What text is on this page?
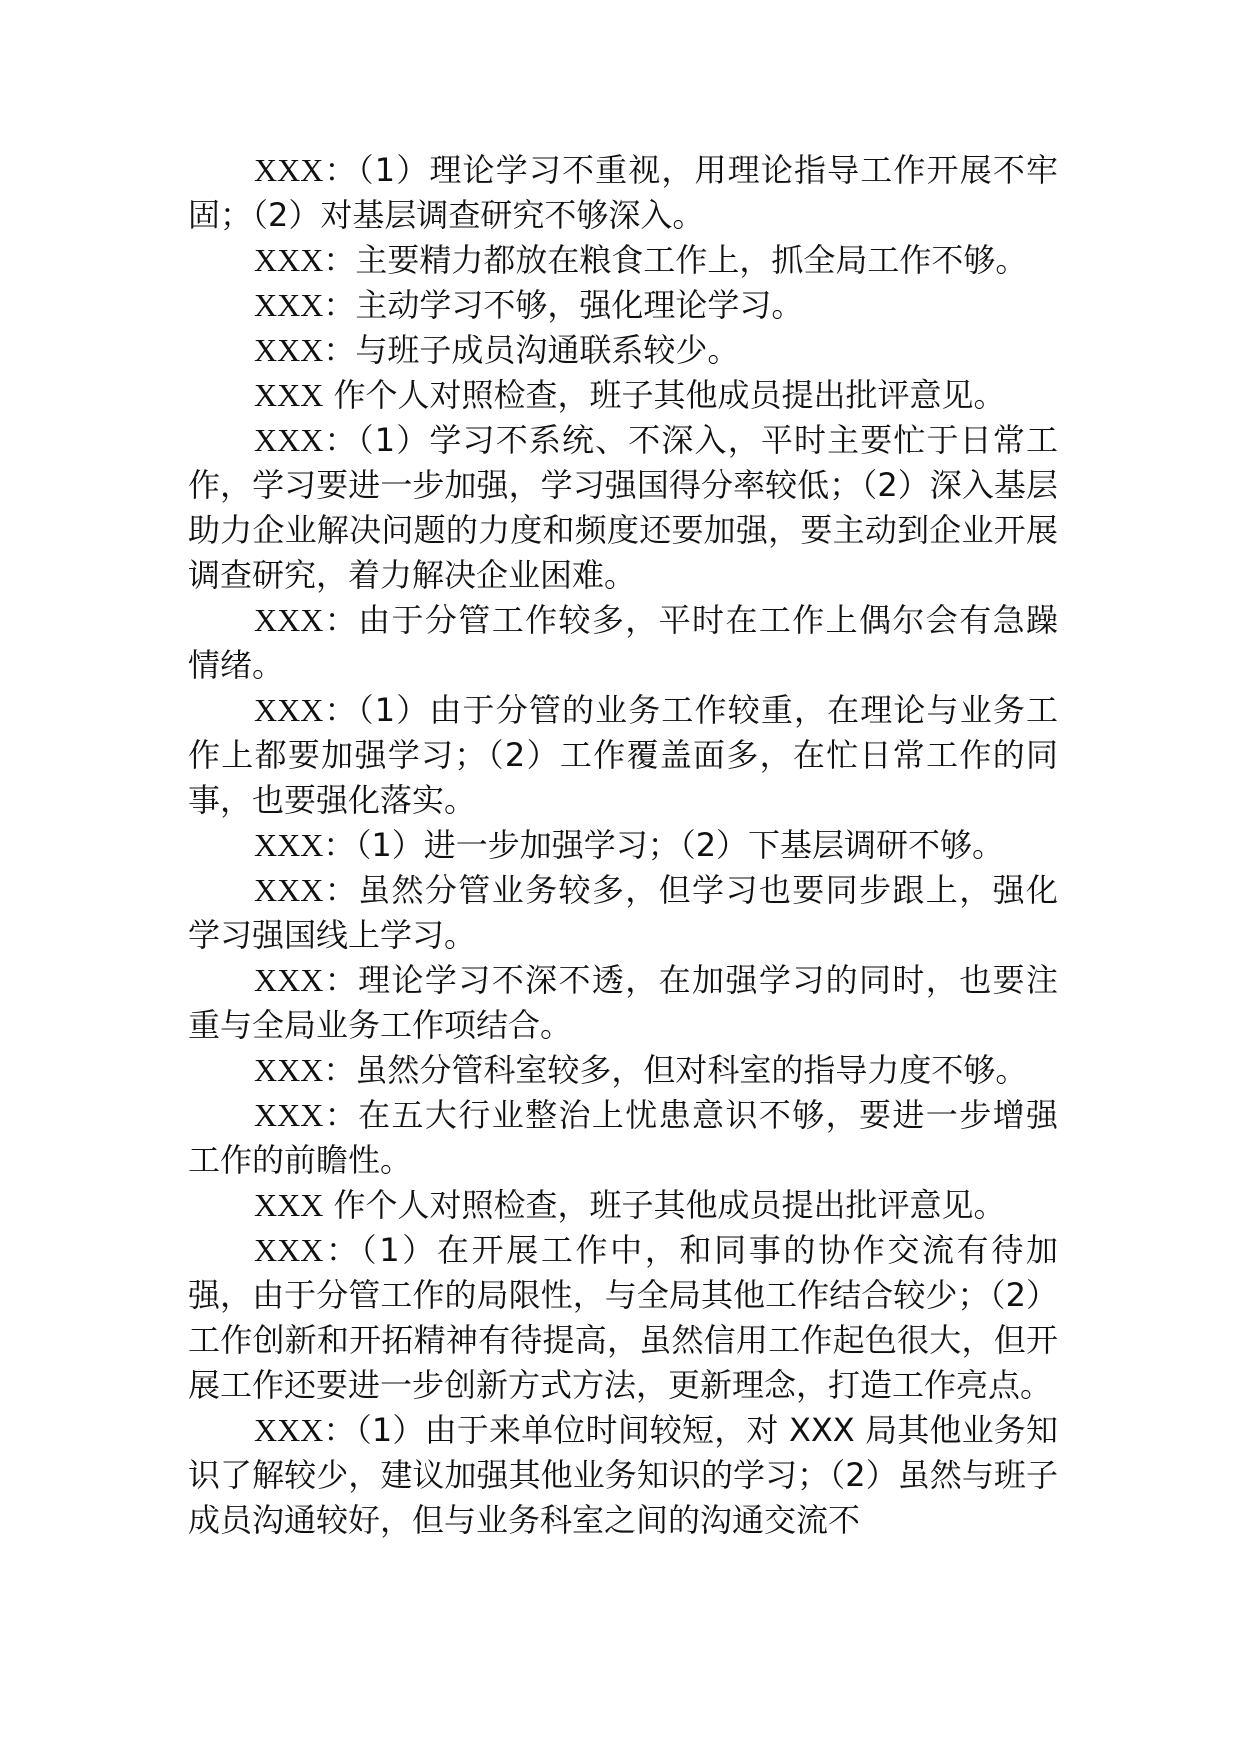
XXX：（1）理论学习不重视，用理论指导工作开展不牢固；（2）对基层调查研究不够深入。

XXX：主要精力都放在粮食工作上，抓全局工作不够。

XXX：主动学习不够，强化理论学习。

XXX：与班子成员沟通联系较少。

XXX 作个人对照检查，班子其他成员提出批评意见。

XXX：（1）学习不系统、不深入，平时主要忙于日常工作，学习要进一步加强，学习强国得分率较低；（2）深入基层助力企业解决问题的力度和频度还要加强，要主动到企业开展调查研究，着力解决企业困难。

XXX：由于分管工作较多，平时在工作上偶尔会有急躁情绪。

XXX：（1）由于分管的业务工作较重，在理论与业务工作上都要加强学习；（2）工作覆盖面多，在忙日常工作的同事，也要强化落实。

XXX：（1）进一步加强学习；（2）下基层调研不够。

XXX：虽然分管业务较多，但学习也要同步跟上，强化学习强国线上学习。

XXX：理论学习不深不透，在加强学习的同时，也要注重与全局业务工作项结合。

XXX：虽然分管科室较多，但对科室的指导力度不够。

XXX：在五大行业整治上忧患意识不够，要进一步增强工作的前瞻性。

XXX 作个人对照检查，班子其他成员提出批评意见。

XXX：（1）在开展工作中，和同事的协作交流有待加强，由于分管工作的局限性，与全局其他工作结合较少；（2）工作创新和开拓精神有待提高，虽然信用工作起色很大，但开展工作还要进一步创新方式方法，更新理念，打造工作亮点。

XXX：（1）由于来单位时间较短，对 XXX 局其他业务知识了解较少，建议加强其他业务知识的学习；（2）虽然与班子成员沟通较好，但与业务科室之间的沟通交流不
